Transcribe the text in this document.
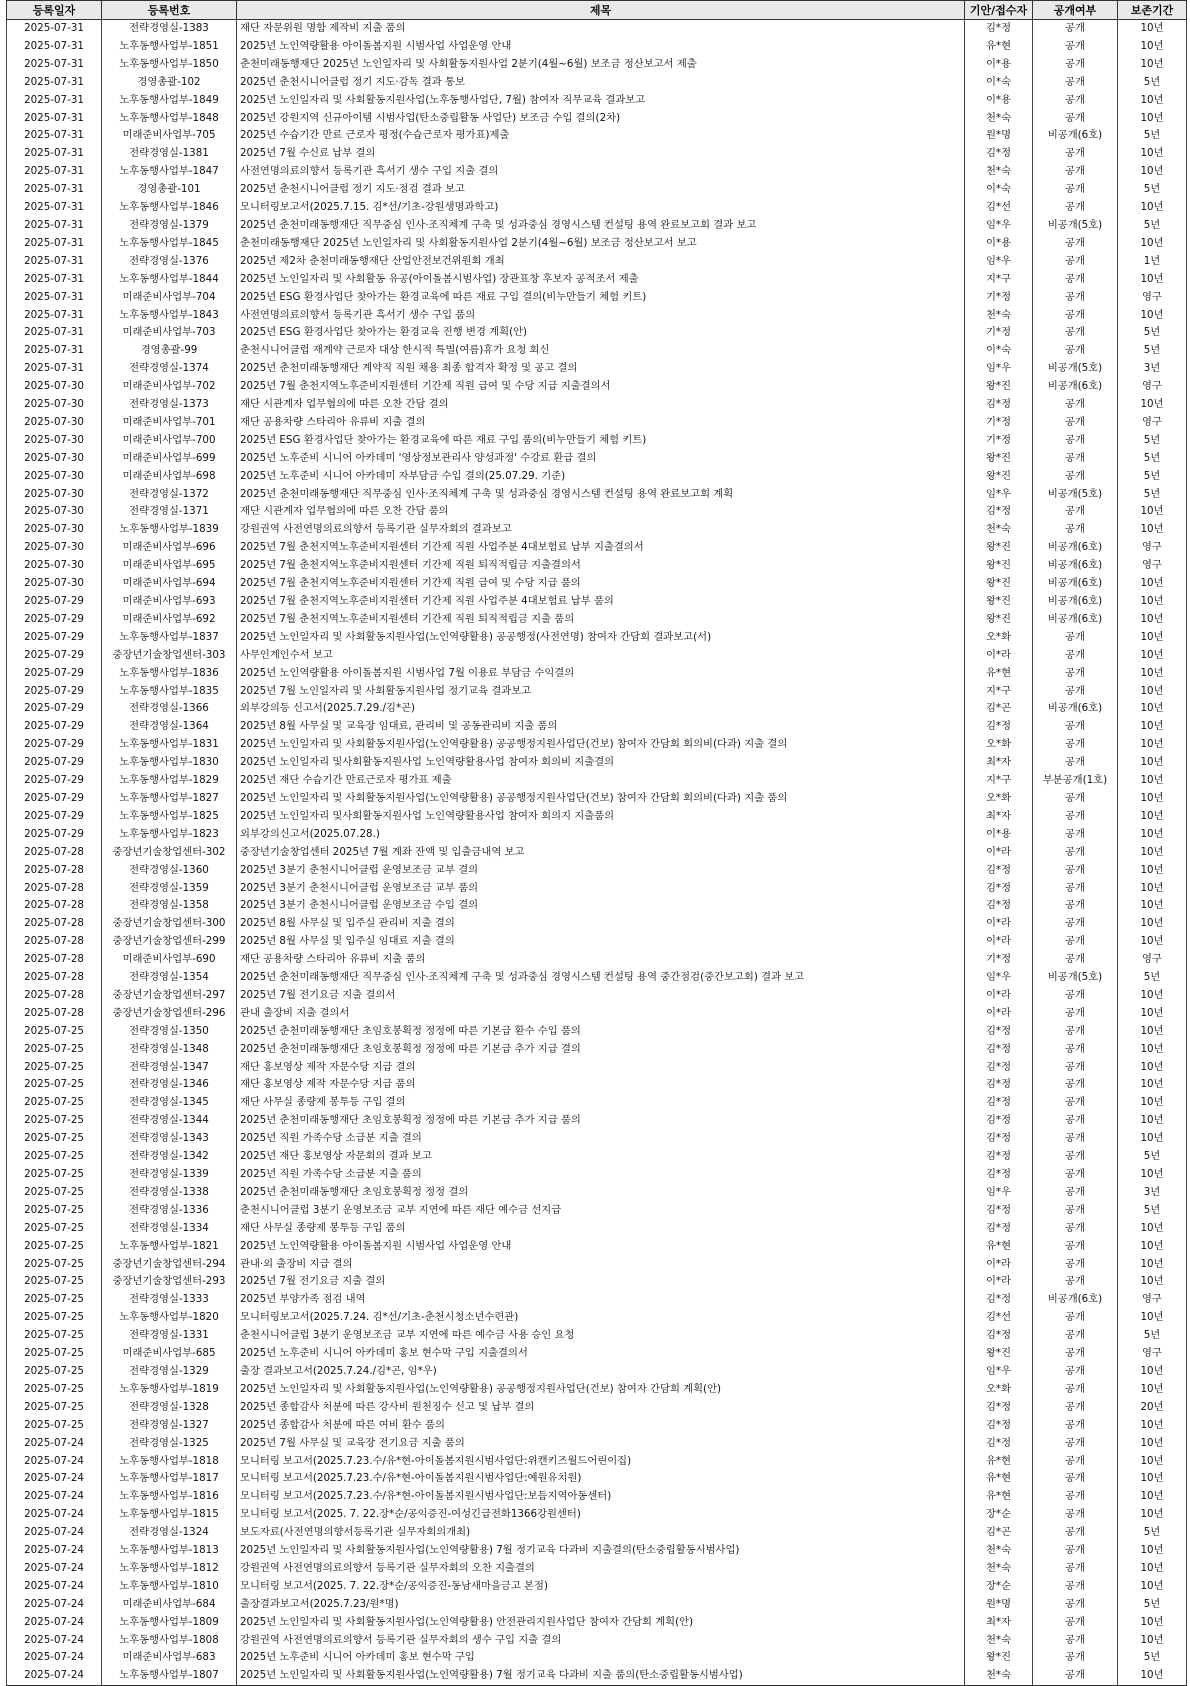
등록일자	등록번호	제목	기안/접수자	공개여부	보존기간
2025-07-31	전략경영실-1383	재단 자문위원 명함 제작비 지출 품의	김*정	공개	10년
2025-07-31	노후동행사업부-1851	2025년 노인역량활용 아이돌봄지원 시범사업 사업운영 안내	유*현	공개	10년
2025-07-31	노후동행사업부-1850	춘천미래동행재단 2025년 노인일자리 및 사회활동지원사업 2분기(4월~6월) 보조금 정산보고서 제출	이*용	공개	10년
2025-07-31	경영총괄-102	2025년 춘천시니어클럽 정기 지도·감독 결과 통보	이*숙	공개	5년
2025-07-31	노후동행사업부-1849	2025년 노인일자리 및 사회활동지원사업(노후동행사업단, 7월) 참여자 직무교육 결과보고	이*용	공개	10년
2025-07-31	노후동행사업부-1848	2025년 강원지역 신규아이템 시범사업(탄소중립활동 사업단) 보조금 수입 결의(2차)	천*숙	공개	10년
2025-07-31	미래준비사업부-705	2025년 수습기간 만료 근로자 평정(수습근로자 평가표)제출	원*명	비공개(6호)	5년
2025-07-31	전략경영실-1381	2025년 7월 수신료 납부 결의	김*정	공개	10년
2025-07-31	노후동행사업부-1847	사전연명의료의향서 등록기관 흑서기 생수 구입 지출 결의	천*숙	공개	10년
2025-07-31	경영총괄-101	2025년 춘천시니어클럽 정기 지도·점검 결과 보고	이*숙	공개	5년
2025-07-31	노후동행사업부-1846	모니터링보고서(2025.7.15. 김*선/기초-강원생명과학고)	김*선	공개	10년
2025-07-31	전략경영실-1379	2025년 춘천미래동행재단 직무중심 인사·조직체계 구축 및 성과중심 경영시스템 컨설팅 용역 완료보고회 결과 보고	임*우	비공개(5호)	5년
2025-07-31	노후동행사업부-1845	춘천미래동행재단 2025년 노인일자리 및 사회활동지원사업 2분기(4월~6월) 보조금 정산보고서 보고	이*용	공개	10년
2025-07-31	전략경영실-1376	2025년 제2차 춘천미래동행재단 산업안전보건위원회 개최	임*우	공개	1년
2025-07-31	노후동행사업부-1844	2025년 노인일자리 및 사회활동 유공(아이돌봄시범사업) 장관표창 후보자 공적조서 제출	지*구	공개	10년
2025-07-31	미래준비사업부-704	2025년 ESG 환경사업단 찾아가는 환경교육에 따른 재료 구입 결의(비누만들기 체험 키트)	기*정	공개	영구
2025-07-31	노후동행사업부-1843	사전연명의료의향서 등록기관 흑서기 생수 구입 품의	천*숙	공개	10년
2025-07-31	미래준비사업부-703	2025년 ESG 환경사업단 찾아가는 환경교육 진행 변경 계획(안)	기*정	공개	5년
2025-07-31	경영총괄-99	춘천시니어클럽 재계약 근로자 대상 한시적 특별(여름)휴가 요청 회신	이*숙	공개	5년
2025-07-31	전략경영실-1374	2025년 춘천미래동행재단 계약직 직원 채용 최종 합격자 확정 및 공고 결의	임*우	비공개(5호)	3년
2025-07-30	미래준비사업부-702	2025년 7월 춘천지역노후준비지원센터 기간제 직원 급여 및 수당 지급 지출결의서	왕*진	비공개(6호)	영구
2025-07-30	전략경영실-1373	재단 시관계자 업무협의에 따른 오찬 간담 결의	김*정	공개	10년
2025-07-30	미래준비사업부-701	재단 공용차량 스타리아 유류비 지출 결의	기*정	공개	영구
2025-07-30	미래준비사업부-700	2025년 ESG 환경사업단 찾아가는 환경교육에 따른 재료 구입 품의(비누만들기 체험 키트)	기*정	공개	5년
2025-07-30	미래준비사업부-699	2025년 노후준비 시니어 아카데미 '영상정보관리사 양성과정' 수강료 환급 결의	왕*진	공개	5년
2025-07-30	미래준비사업부-698	2025년 노후준비 시니어 아카데미 자부담금 수입 결의(25.07.29. 기준)	왕*진	공개	5년
2025-07-30	전략경영실-1372	2025년 춘천미래동행재단 직무중심 인사·조직체계 구축 및 성과중심 경영시스템 컨설팅 용역 완료보고회 계획	임*우	비공개(5호)	5년
2025-07-30	전략경영실-1371	재단 시관계자 업무협의에 따른 오찬 간담 품의	김*정	공개	10년
2025-07-30	노후동행사업부-1839	강원권역 사전연명의료의향서 등록기관 실무자회의 결과보고	천*숙	공개	10년
2025-07-30	미래준비사업부-696	2025년 7월 춘천지역노후준비지원센터 기간제 직원 사업주분 4대보험료 납부 지출결의서	왕*진	비공개(6호)	영구
2025-07-30	미래준비사업부-695	2025년 7월 춘천지역노후준비지원센터 기간제 직원 퇴직적립금 지출결의서	왕*진	비공개(6호)	영구
2025-07-30	미래준비사업부-694	2025년 7월 춘천지역노후준비지원센터 기간제 직원 급여 및 수당 지급 품의	왕*진	비공개(6호)	10년
2025-07-29	미래준비사업부-693	2025년 7월 춘천지역노후준비지원센터 기간제 직원 사업주분 4대보험료 납부 품의	왕*진	비공개(6호)	10년
2025-07-29	미래준비사업부-692	2025년 7월 춘천지역노후준비지원센터 기간제 직원 퇴직적립금 지출 품의	왕*진	비공개(6호)	10년
2025-07-29	노후동행사업부-1837	2025년 노인일자리 및 사회활동지원사업(노인역량활용) 공공행정(사전연명) 참여자 간담회 결과보고(서)	오*화	공개	10년
2025-07-29	중장년기술창업센터-303	사무인계인수서 보고	이*라	공개	10년
2025-07-29	노후동행사업부-1836	2025년 노인역량활용 아이돌봄지원 시범사업 7월 이용료 부담금 수익결의	유*현	공개	10년
2025-07-29	노후동행사업부-1835	2025년 7월 노인일자리 및 사회활동지원사업 정기교육 결과보고	지*구	공개	10년
2025-07-29	전략경영실-1366	외부강의등 신고서(2025.7.29./김*곤)	김*곤	비공개(6호)	10년
2025-07-29	전략경영실-1364	2025년 8월 사무실 및 교육장 임대료, 관리비 및 공동관리비 지출 품의	김*정	공개	10년
2025-07-29	노후동행사업부-1831	2025년 노인일자리 및 사회활동지원사업(노인역량활용) 공공행정지원사업단(건보) 참여자 간담회 회의비(다과) 지출 결의	오*화	공개	10년
2025-07-29	노후동행사업부-1830	2025년 노인일자리 및사회활동지원사업 노인역량활용사업 참여자 회의비 지출결의	최*자	공개	10년
2025-07-29	노후동행사업부-1829	2025년 재단 수습기간 만료근로자 평가표 제출	지*구	부분공개(1호)	10년
2025-07-29	노후동행사업부-1827	2025년 노인일자리 및 사회활동지원사업(노인역량활용) 공공행정지원사업단(건보) 참여자 간담회 회의비(다과) 지출 품의	오*화	공개	10년
2025-07-29	노후동행사업부-1825	2025년 노인일자리 및사회활동지원사업 노인역량활용사업 참여자 회의지 지출품의	최*자	공개	10년
2025-07-29	노후동행사업부-1823	외부강의신고서(2025.07.28.)	이*용	공개	10년
2025-07-28	중장년기술창업센터-302	중장년기술창업센터 2025년 7월 계좌 잔액 및 입출금내역 보고	이*라	공개	10년
2025-07-28	전략경영실-1360	2025년 3분기 춘천시니어클럽 운영보조금 교부 결의	김*정	공개	10년
2025-07-28	전략경영실-1359	2025년 3분기 춘천시니어클럽 운영보조금 교부 품의	김*정	공개	10년
2025-07-28	전략경영실-1358	2025년 3분기 춘천시니어클럽 운영보조금 수입 결의	김*정	공개	10년
2025-07-28	중장년기술창업센터-300	2025년 8월 사무실 및 입주실 관리비 지출 결의	이*라	공개	10년
2025-07-28	중장년기술창업센터-299	2025년 8월 사무실 및 입주실 임대료 지출 결의	이*라	공개	10년
2025-07-28	미래준비사업부-690	재단 공용차량 스타리아 유류비 지출 품의	기*정	공개	영구
2025-07-28	전략경영실-1354	2025년 춘천미래동행재단 직무중심 인사·조직체계 구축 및 성과중심 경영시스템 컨설팅 용역 중간점검(중간보고회) 결과 보고	임*우	비공개(5호)	5년
2025-07-28	중장년기술창업센터-297	2025년 7월 전기요금 지출 결의서	이*라	공개	10년
2025-07-28	중장년기술창업센터-296	관내 출장비 지출 결의서	이*라	공개	10년
2025-07-25	전략경영실-1350	2025년 춘천미래동행재단 초임호봉획정 정정에 따른 기본급 환수 수입 품의	김*정	공개	10년
2025-07-25	전략경영실-1348	2025년 춘천미래동행재단 초임호봉획정 정정에 따른 기본급 추가 지급 결의	김*정	공개	10년
2025-07-25	전략경영실-1347	재단 홍보영상 제작 자문수당 지급 결의	김*정	공개	10년
2025-07-25	전략경영실-1346	재단 홍보영상 제작 자문수당 지급 품의	김*정	공개	10년
2025-07-25	전략경영실-1345	재단 사무실 종량제 봉투등 구입 결의	김*정	공개	10년
2025-07-25	전략경영실-1344	2025년 춘천미래동행재단 초임호봉획정 정정에 따른 기본급 추가 지급 품의	김*정	공개	10년
2025-07-25	전략경영실-1343	2025년 직원 가족수당 소급분 지출 결의	김*정	공개	10년
2025-07-25	전략경영실-1342	2025년 재단 홍보영상 자문회의 결과 보고	김*정	공개	5년
2025-07-25	전략경영실-1339	2025년 직원 가족수당 소급분 지출 품의	김*정	공개	10년
2025-07-25	전략경영실-1338	2025년 춘천미래동행재단 초임호봉획정 정정 결의	임*우	공개	3년
2025-07-25	전략경영실-1336	춘천시니어클럽 3분기 운영보조금 교부 지연에 따른 재단 예수금 선지급	김*정	공개	5년
2025-07-25	전략경영실-1334	재단 사무실 종량제 봉투등 구입 품의	김*정	공개	10년
2025-07-25	노후동행사업부-1821	2025년 노인역량활용 아이돌봄지원 시범사업 사업운영 안내	유*현	공개	10년
2025-07-25	중장년기술창업센터-294	관내·외 출장비 지급 결의	이*라	공개	10년
2025-07-25	중장년기술창업센터-293	2025년 7월 전기요금 지출 결의	이*라	공개	10년
2025-07-25	전략경영실-1333	2025년 부양가족 점검 내역	김*정	비공개(6호)	영구
2025-07-25	노후동행사업부-1820	모니터링보고서(2025.7.24. 김*선/기초-춘천시청소년수련관)	김*선	공개	10년
2025-07-25	전략경영실-1331	춘천시니어클럽 3분기 운영보조금 교부 지연에 따른 예수금 사용 승인 요청	김*정	공개	5년
2025-07-25	미래준비사업부-685	2025년 노후준비 시니어 아카데미 홍보 현수막 구입 지출결의서	왕*진	공개	영구
2025-07-25	전략경영실-1329	출장 결과보고서(2025.7.24./김*곤, 임*우)	임*우	공개	10년
2025-07-25	노후동행사업부-1819	2025년 노인일자리 및 사회활동지원사업(노인역량활용) 공공행정지원사업단(건보) 참여자 간담회 계획(안)	오*화	공개	10년
2025-07-25	전략경영실-1328	2025년 종합감사 처분에 따른 강사비 원천징수 신고 및 납부 결의	김*정	공개	20년
2025-07-25	전략경영실-1327	2025년 종합감사 처분에 따른 여비 환수 품의	김*정	공개	10년
2025-07-24	전략경영실-1325	2025년 7월 사무실 및 교육장 전기요금 지출 품의	김*정	공개	10년
2025-07-24	노후동행사업부-1818	모니터링 보고서(2025.7.23.수/유*현-아이돌봄지원시범사업단:위캔키즈월드어린이집)	유*현	공개	10년
2025-07-24	노후동행사업부-1817	모니터링 보고서(2025.7.23.수/유*현-아이돌봄지원시범사업단:예원유치원)	유*현	공개	10년
2025-07-24	노후동행사업부-1816	모니터링 보고서(2025.7.23.수/유*현-아이돌봄지원시범사업단:보듬지역아동센터)	유*현	공개	10년
2025-07-24	노후동행사업부-1815	모니터링 보고서(2025. 7. 22.장*순/공익증진-여성긴급전화1366강원센터)	장*순	공개	10년
2025-07-24	전략경영실-1324	보도자료(사전연명의향서등록기관 실무자회의개최)	김*곤	공개	5년
2025-07-24	노후동행사업부-1813	2025년 노인일자리 및 사회활동지원사업(노인역량활용) 7월 정기교육 다과비 지출결의(탄소중립활동시범사업)	천*숙	공개	10년
2025-07-24	노후동행사업부-1812	강원권역 사전연명의료의향서 등록기관 실무자회의 오찬 지출결의	천*숙	공개	10년
2025-07-24	노후동행사업부-1810	모니터링 보고서(2025. 7. 22.장*순/공익증진-동남새마을금고 본점)	장*순	공개	10년
2025-07-24	미래준비사업부-684	출장결과보고서(2025.7.23/원*명)	원*명	공개	5년
2025-07-24	노후동행사업부-1809	2025년 노인일자리 및 사회활동지원사업(노인역량활용) 안전관리지원사업단 참여자 간담회 계획(안)	최*자	공개	10년
2025-07-24	노후동행사업부-1808	강원권역 사전연명의료의향서 등록기관 실무자회의 생수 구입 지출 결의	천*숙	공개	10년
2025-07-24	미래준비사업부-683	2025년 노후준비 시니어 아카데미 홍보 현수막 구입	왕*진	공개	5년
2025-07-24	노후동행사업부-1807	2025년 노인일자리 및 사회활동지원사업(노인역량활용) 7월 정기교육 다과비 지출 품의(탄소중립활동시범사업)	천*숙	공개	10년
